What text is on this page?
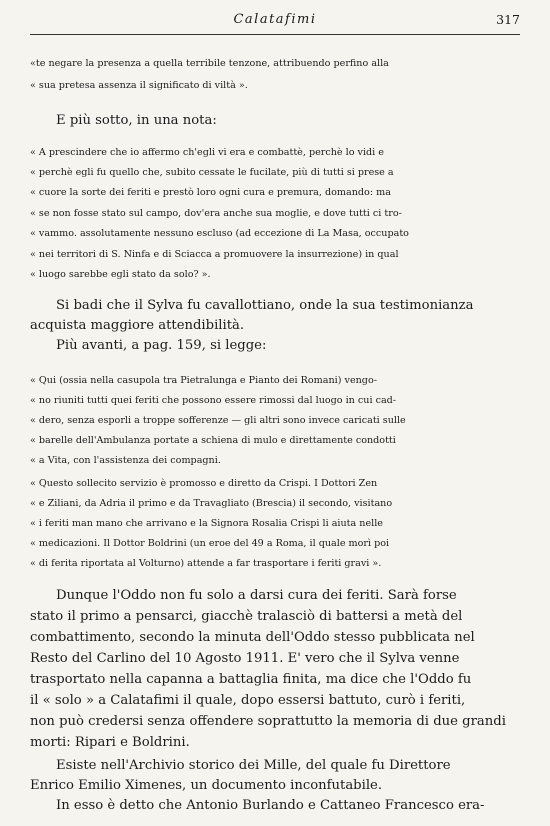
Calatafimi	317
«te negare la presenza a quella terribile tenzone, attribuendo perfino alla
« sua pretesa assenza il significato di viltà ».
E più sotto, in una nota:
« A prescindere che io affermo ch'egli vi era e combattè, perchè lo vidi e
« perchè egli fu quello che, subito cessate le fucilate, più di tutti si prese a
« cuore la sorte dei feriti e prestò loro ogni cura e premura, domando: ma
« se non fosse stato sul campo, dov'era anche sua moglie, e dove tutti ci tro-
« vammo. assolutamente nessuno escluso (ad eccezione di La Masa, occupato
« nei territori di S. Ninfa e di Sciacca a promuovere la insurrezione) in qual
« luogo sarebbe egli stato da solo? ».
Si badi che il Sylva fu cavallottiano, onde la sua testimonianza
acquista maggiore attendibilità.
Più avanti, a pag. 159, si legge:
« Qui (ossia nella casupola tra Pietralunga e Pianto dei Romani) vengo-
« no riuniti tutti quei feriti che possono essere rimossi dal luogo in cui cad-
« dero, senza esporli a troppe sofferenze — gli altri sono invece caricati sulle
« barelle dell'Ambulanza portate a schiena di mulo e direttamente condotti
« a Vita, con l'assistenza dei compagni.
« Questo sollecito servizio è promosso e diretto da Crispi. I Dottori Zen
« e Ziliani, da Adria il primo e da Travagliato (Brescia) il secondo, visitano
« i feriti man mano che arrivano e la Signora Rosalia Crispi li aiuta nelle
« medicazioni. Il Dottor Boldrini (un eroe del 49 a Roma, il quale morì poi
« di ferita riportata al Volturno) attende a far trasportare i feriti gravi ».
Dunque l'Oddo non fu solo a darsi cura dei feriti. Sarà forse
stato il primo a pensarci, giacchè tralasciò di battersi a metà del
combattimento, secondo la minuta dell'Oddo stesso pubblicata nel
Resto del Carlino del 10 Agosto 1911. E' vero che il Sylva venne
trasportato nella capanna a battaglia finita, ma dice che l'Oddo fu
il « solo » a Calatafimi il quale, dopo essersi battuto, curò i feriti,
non può credersi senza offendere soprattutto la memoria di due grandi
morti: Ripari e Boldrini.
Esiste nell'Archivio storico dei Mille, del quale fu Direttore
Enrico Emilio Ximenes, un documento inconfutabile.
In esso è detto che Antonio Burlando e Cattaneo Francesco era-
